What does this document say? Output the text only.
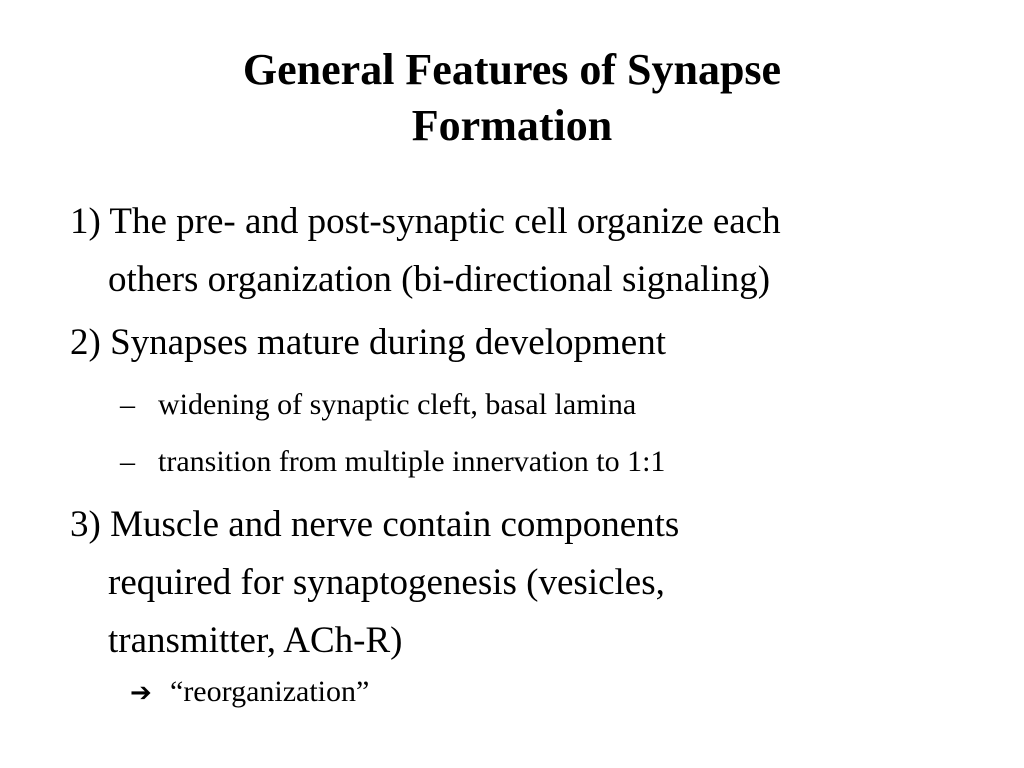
General Features of Synapse
Formation
1) The pre- and post-synaptic cell organize each
others organization (bi-directional signaling)
2) Synapses mature during development
– widening of synaptic cleft, basal lamina
– transition from multiple innervation to 1:1
3) Muscle and nerve contain components
required for synaptogenesis (vesicles,
transmitter, ACh-R)
➔ “reorganization”
